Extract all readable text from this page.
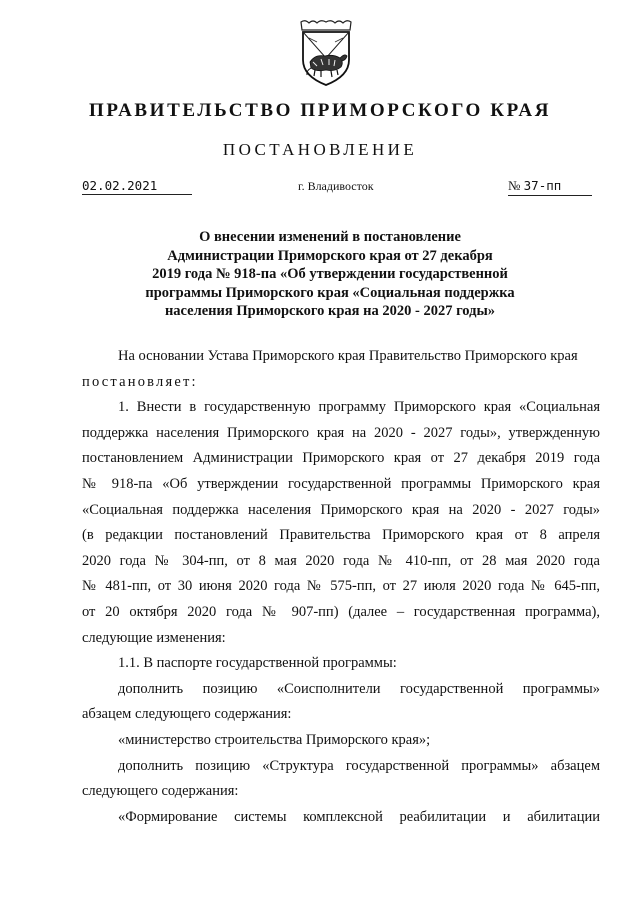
ПРАВИТЕЛЬСТВО ПРИМОРСКОГО КРАЯ
ПОСТАНОВЛЕНИЕ
02.02.2021	г. Владивосток	№ 37-пп
О внесении изменений в постановление
Администрации Приморского края от 27 декабря
2019 года № 918-па «Об утверждении государственной
программы Приморского края «Социальная поддержка
населения Приморского края на 2020 - 2027 годы»
На основании Устава Приморского края Правительство Приморского края
постановляет:
1. Внести в государственную программу Приморского края «Социальная
поддержка населения Приморского края на 2020 - 2027 годы», утвержденную
постановлением Администрации Приморского края от 27 декабря 2019 года
№ 918-па «Об утверждении государственной программы Приморского края
«Социальная поддержка населения Приморского края на 2020 - 2027 годы»
(в редакции постановлений Правительства Приморского края от 8 апреля
2020 года № 304-пп, от 8 мая 2020 года № 410-пп, от 28 мая 2020 года
№ 481-пп, от 30 июня 2020 года № 575-пп, от 27 июля 2020 года № 645-пп,
от 20 октября 2020 года № 907-пп) (далее – государственная программа),
следующие изменения:
1.1. В паспорте государственной программы:
дополнить позицию «Соисполнители государственной программы»
абзацем следующего содержания:
«министерство строительства Приморского края»;
дополнить позицию «Структура государственной программы» абзацем
следующего содержания:
«Формирование системы комплексной реабилитации и абилитации
